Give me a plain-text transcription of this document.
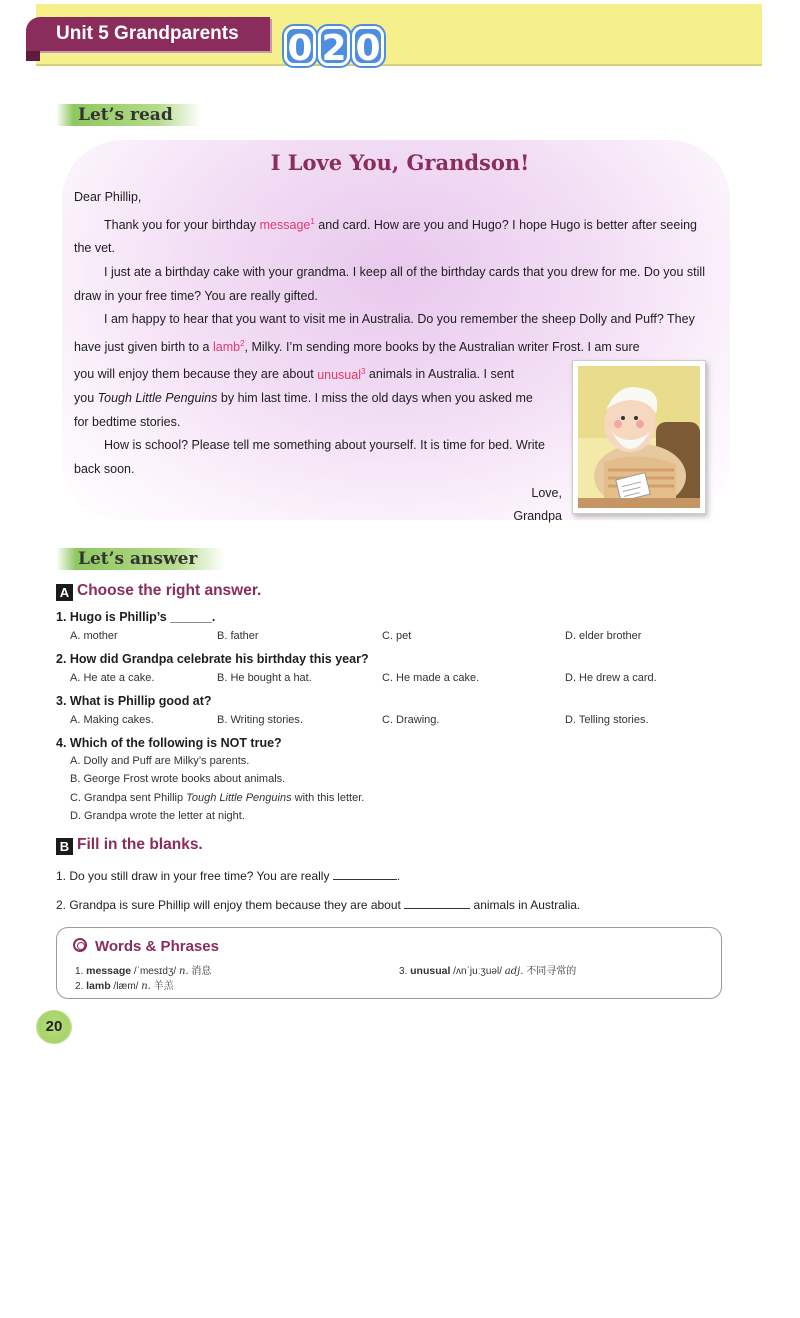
Unit 5 Grandparents	0 2 0
Let’s read
I Love You, Grandson!

Dear Phillip,

Thank you for your birthday message$^1$ and card. How are you and Hugo? I hope Hugo is better after seeing the vet.

I just ate a birthday cake with your grandma. I keep all of the birthday cards that you drew for me. Do you still draw in your free time? You are really gifted.

I am happy to hear that you want to visit me in Australia. Do you remember the sheep Dolly and Puff? They have just given birth to a lamb$^2$, Milky. I’m sending more books by the Australian writer Frost. I am sure

you will enjoy them because they are about unusual$^3$ animals in Australia. I sent

you Tough Little Penguins by him last time. I miss the old days when you asked me

for bedtime stories.

How is school? Please tell me something about yourself. It is time for bed. Write back soon.

Love,

Grandpa

Let’s answer
A Choose the right answer.
1. Hugo is Phillip’s ______.
A. mother	B. father	C. pet	D. elder brother
2. How did Grandpa celebrate his birthday this year?
A. He ate a cake.	B. He bought a hat.	C. He made a cake.	D. He drew a card.
3. What is Phillip good at?
A. Making cakes.	B. Writing stories.	C. Drawing.	D. Telling stories.
4. Which of the following is NOT true?
A. Dolly and Puff are Milky’s parents.
B. George Frost wrote books about animals.
C. Grandpa sent Phillip Tough Little Penguins with this letter.
D. Grandpa wrote the letter at night.
B Fill in the blanks.
1. Do you still draw in your free time? You are really	.
2. Grandpa is sure Phillip will enjoy them because they are about	animals in Australia.
Words & Phrases
1. message /ˈmesɪdʒ/ n. 消息
2. lamb /læm/ n. 羊羔
3. unusual /ʌnˈjuːʒuəl/ adj. 不同寻常的
20
